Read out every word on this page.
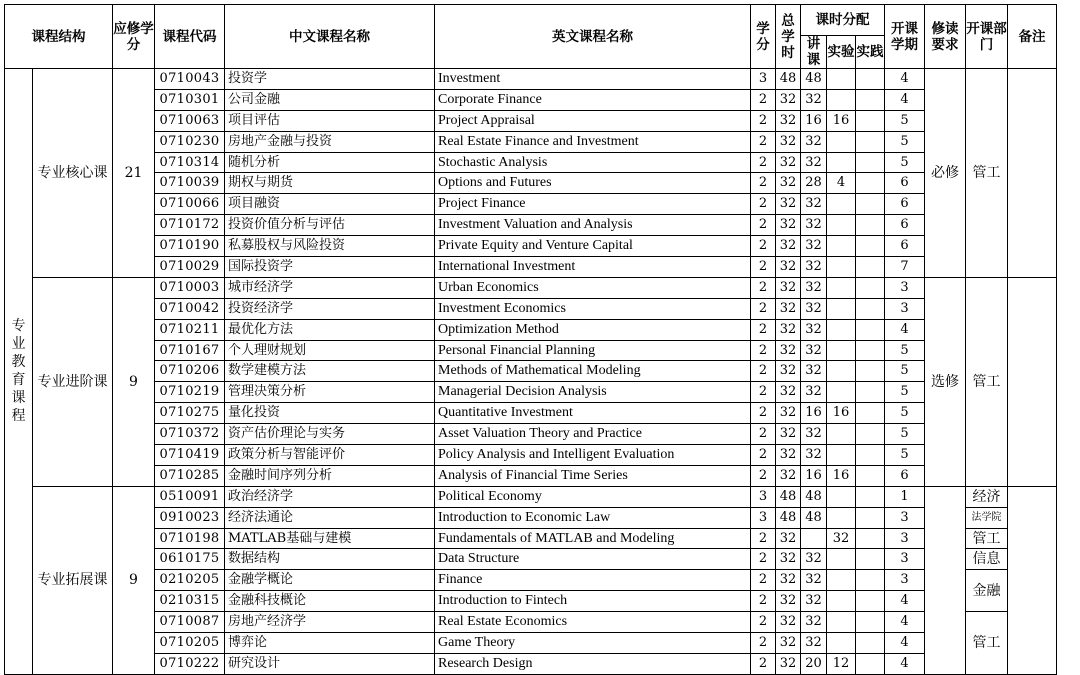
课程结构		应修学分	课程代码	中文课程名称	英文课程名称	学分	总学时	课时分配			开课学期	修读要求	开课部门	备注
								讲课	实验	实践				
专业教育课程	专业核心课	21	0710043	投资学	Investment	3	48	48			4	必修	管工	
			0710301	公司金融	Corporate Finance	2	32	32			4			
			0710063	项目评估	Project Appraisal	2	32	16	16		5			
			0710230	房地产金融与投资	Real Estate Finance and Investment	2	32	32			5			
			0710314	随机分析	Stochastic Analysis	2	32	32			5			
			0710039	期权与期货	Options and Futures	2	32	28	4		6			
			0710066	项目融资	Project Finance	2	32	32			6			
			0710172	投资价值分析与评估	Investment Valuation and Analysis	2	32	32			6			
			0710190	私募股权与风险投资	Private Equity and Venture Capital	2	32	32			6			
			0710029	国际投资学	International Investment	2	32	32			7			
	专业进阶课	9	0710003	城市经济学	Urban Economics	2	32	32			3	选修	管工	
			0710042	投资经济学	Investment Economics	2	32	32			3			
			0710211	最优化方法	Optimization Method	2	32	32			4			
			0710167	个人理财规划	Personal Financial Planning	2	32	32			5			
			0710206	数学建模方法	Methods of Mathematical Modeling	2	32	32			5			
			0710219	管理决策分析	Managerial Decision Analysis	2	32	32			5			
			0710275	量化投资	Quantitative Investment	2	32	16	16		5			
			0710372	资产估价理论与实务	Asset Valuation Theory and Practice	2	32	32			5			
			0710419	政策分析与智能评价	Policy Analysis and Intelligent Evaluation	2	32	32			5			
			0710285	金融时间序列分析	Analysis of Financial Time Series	2	32	16	16		6			
	专业拓展课	9	0510091	政治经济学	Political Economy	3	48	48			1		经济	
			0910023	经济法通论	Introduction to Economic Law	3	48	48			3		法学院	
			0710198	MATLAB基础与建模	Fundamentals of MATLAB and Modeling	2	32		32		3		管工	
			0610175	数据结构	Data Structure	2	32	32			3		信息	
			0210205	金融学概论	Finance	2	32	32			3		金融	
			0210315	金融科技概论	Introduction to Fintech	2	32	32			4			
			0710087	房地产经济学	Real Estate Economics	2	32	32			4		管工	
			0710205	博弈论	Game Theory	2	32	32			4			
			0710222	研究设计	Research Design	2	32	20	12		4			
